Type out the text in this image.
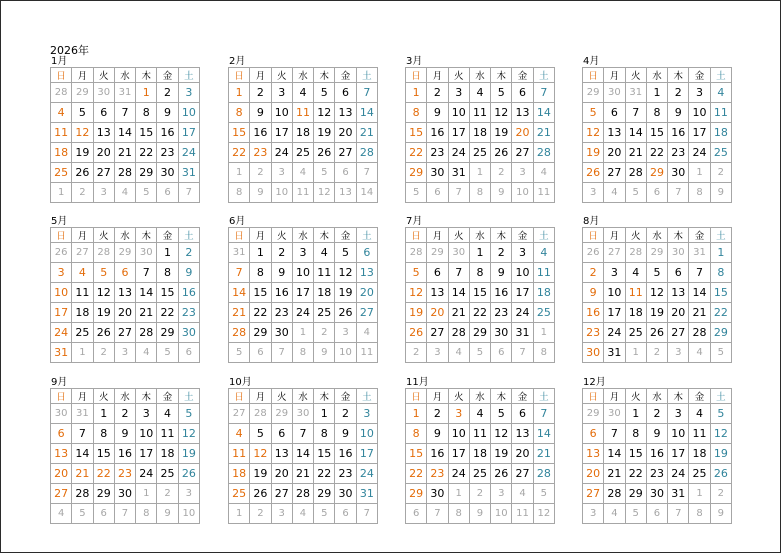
2026年
1月
日	月	火	水	木	金	土
28	29	30	31	1	2	3
4	5	6	7	8	9	10
11	12	13	14	15	16	17
18	19	20	21	22	23	24
25	26	27	28	29	30	31
1	2	3	4	5	6	7
2月
日	月	火	水	木	金	土
1	2	3	4	5	6	7
8	9	10	11	12	13	14
15	16	17	18	19	20	21
22	23	24	25	26	27	28
1	2	3	4	5	6	7
8	9	10	11	12	13	14
3月
日	月	火	水	木	金	土
1	2	3	4	5	6	7
8	9	10	11	12	13	14
15	16	17	18	19	20	21
22	23	24	25	26	27	28
29	30	31	1	2	3	4
5	6	7	8	9	10	11
4月
日	月	火	水	木	金	土
29	30	31	1	2	3	4
5	6	7	8	9	10	11
12	13	14	15	16	17	18
19	20	21	22	23	24	25
26	27	28	29	30	1	2
3	4	5	6	7	8	9
5月
日	月	火	水	木	金	土
26	27	28	29	30	1	2
3	4	5	6	7	8	9
10	11	12	13	14	15	16
17	18	19	20	21	22	23
24	25	26	27	28	29	30
31	1	2	3	4	5	6
6月
日	月	火	水	木	金	土
31	1	2	3	4	5	6
7	8	9	10	11	12	13
14	15	16	17	18	19	20
21	22	23	24	25	26	27
28	29	30	1	2	3	4
5	6	7	8	9	10	11
7月
日	月	火	水	木	金	土
28	29	30	1	2	3	4
5	6	7	8	9	10	11
12	13	14	15	16	17	18
19	20	21	22	23	24	25
26	27	28	29	30	31	1
2	3	4	5	6	7	8
8月
日	月	火	水	木	金	土
26	27	28	29	30	31	1
2	3	4	5	6	7	8
9	10	11	12	13	14	15
16	17	18	19	20	21	22
23	24	25	26	27	28	29
30	31	1	2	3	4	5
9月
日	月	火	水	木	金	土
30	31	1	2	3	4	5
6	7	8	9	10	11	12
13	14	15	16	17	18	19
20	21	22	23	24	25	26
27	28	29	30	1	2	3
4	5	6	7	8	9	10
10月
日	月	火	水	木	金	土
27	28	29	30	1	2	3
4	5	6	7	8	9	10
11	12	13	14	15	16	17
18	19	20	21	22	23	24
25	26	27	28	29	30	31
1	2	3	4	5	6	7
11月
日	月	火	水	木	金	土
1	2	3	4	5	6	7
8	9	10	11	12	13	14
15	16	17	18	19	20	21
22	23	24	25	26	27	28
29	30	1	2	3	4	5
6	7	8	9	10	11	12
12月
日	月	火	水	木	金	土
29	30	1	2	3	4	5
6	7	8	9	10	11	12
13	14	15	16	17	18	19
20	21	22	23	24	25	26
27	28	29	30	31	1	2
3	4	5	6	7	8	9
